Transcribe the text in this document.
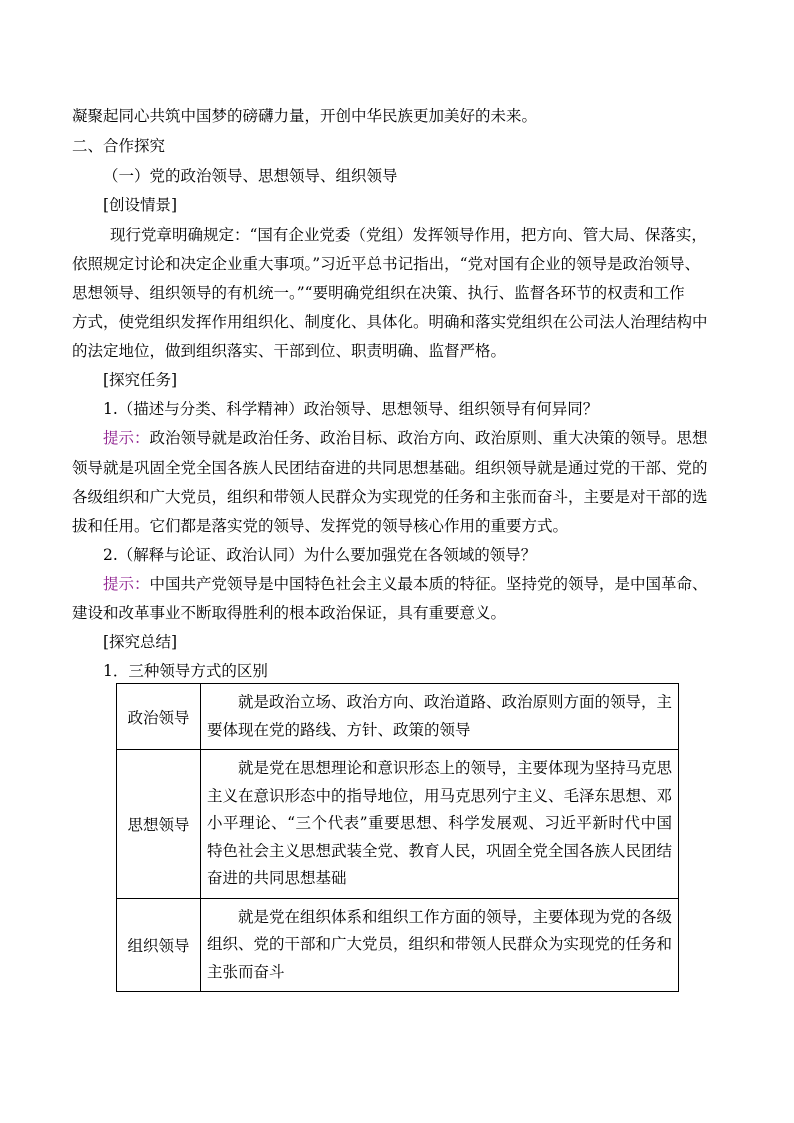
凝聚起同心共筑中国梦的磅礴力量，开创中华民族更加美好的未来。
二、合作探究
（一）党的政治领导、思想领导、组织领导
[创设情景]
现行党章明确规定：“国有企业党委（党组）发挥领导作用，把方向、管大局、保落实，
依照规定讨论和决定企业重大事项。”习近平总书记指出，“党对国有企业的领导是政治领导、
思想领导、组织领导的有机统一。”“要明确党组织在决策、执行、监督各环节的权责和工作
方式，使党组织发挥作用组织化、制度化、具体化。明确和落实党组织在公司法人治理结构中
的法定地位，做到组织落实、干部到位、职责明确、监督严格。
[探究任务]
1.（描述与分类、科学精神）政治领导、思想领导、组织领导有何异同？
提示：政治领导就是政治任务、政治目标、政治方向、政治原则、重大决策的领导。思想
领导就是巩固全党全国各族人民团结奋进的共同思想基础。组织领导就是通过党的干部、党的
各级组织和广大党员，组织和带领人民群众为实现党的任务和主张而奋斗，主要是对干部的选
拔和任用。它们都是落实党的领导、发挥党的领导核心作用的重要方式。
2.（解释与论证、政治认同）为什么要加强党在各领域的领导？
提示：中国共产党领导是中国特色社会主义最本质的特征。坚持党的领导，是中国革命、
建设和改革事业不断取得胜利的根本政治保证，具有重要意义。
[探究总结]
1．三种领导方式的区别
政治领导	就是政治立场、政治方向、政治道路、政治原则方面的领导，主要体现在党的路线、方针、政策的领导

思想领导	就是党在思想理论和意识形态上的领导，主要体现为坚持马克思主义在意识形态中的指导地位，用马克思列宁主义、毛泽东思想、邓小平理论、“三个代表”重要思想、科学发展观、习近平新时代中国特色社会主义思想武装全党、教育人民，巩固全党全国各族人民团结奋进的共同思想基础

组织领导	就是党在组织体系和组织工作方面的领导，主要体现为党的各级组织、党的干部和广大党员，组织和带领人民群众为实现党的任务和主张而奋斗
